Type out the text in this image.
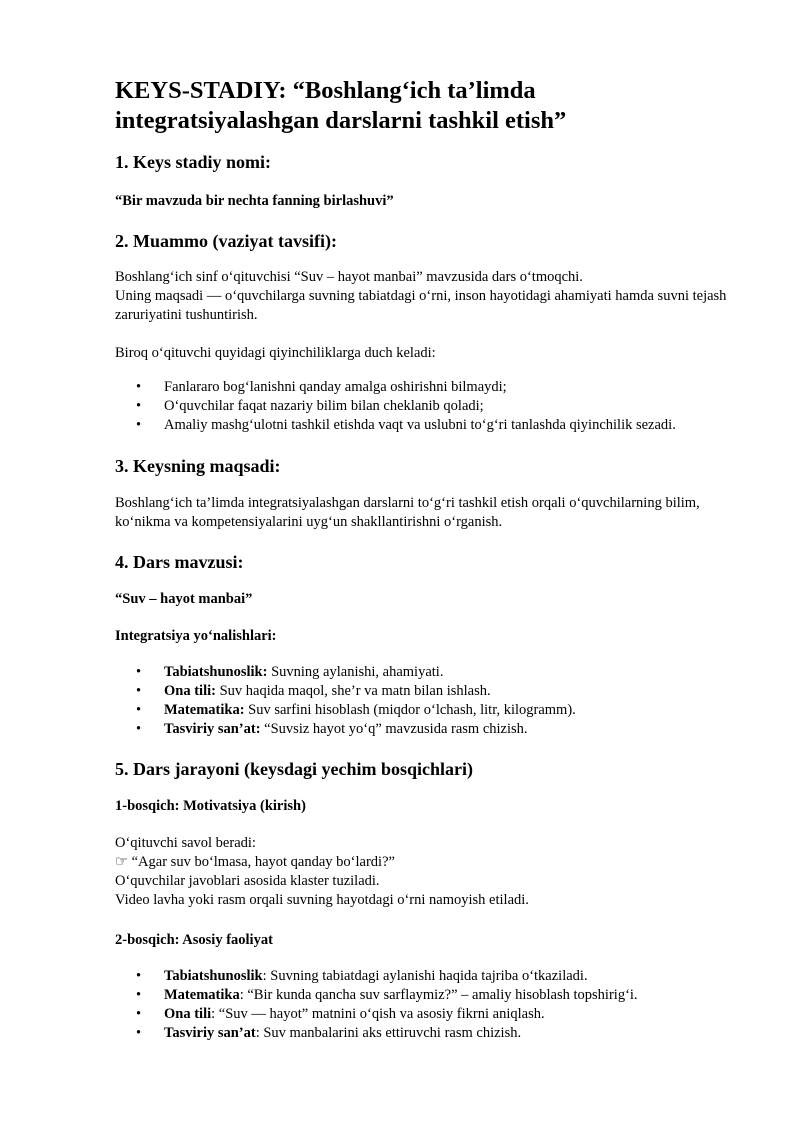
KEYS-STADIY: “Boshlang‘ich ta’limda integratsiyalashgan darslarni tashkil etish”
1. Keys stadiy nomi:
“Bir mavzuda bir nechta fanning birlashuvi”
2. Muammo (vaziyat tavsifi):
Boshlang‘ich sinf o‘qituvchisi “Suv – hayot manbai” mavzusida dars o‘tmoqchi.
Uning maqsadi — o‘quvchilarga suvning tabiatdagi o‘rni, inson hayotidagi ahamiyati hamda suvni tejash zaruriyatini tushuntirish.
Biroq o‘qituvchi quyidagi qiyinchiliklarga duch keladi:
• Fanlararo bog‘lanishni qanday amalga oshirishni bilmaydi;
• O‘quvchilar faqat nazariy bilim bilan cheklanib qoladi;
• Amaliy mashg‘ulotni tashkil etishda vaqt va uslubni to‘g‘ri tanlashda qiyinchilik sezadi.
3. Keysning maqsadi:
Boshlang‘ich ta’limda integratsiyalashgan darslarni to‘g‘ri tashkil etish orqali o‘quvchilarning bilim, ko‘nikma va kompetensiyalarini uyg‘un shakllantirishni o‘rganish.
4. Dars mavzusi:
“Suv – hayot manbai”
Integratsiya yo‘nalishlari:
• Tabiatshunoslik: Suvning aylanishi, ahamiyati.
• Ona tili: Suv haqida maqol, she’r va matn bilan ishlash.
• Matematika: Suv sarfini hisoblash (miqdor o‘lchash, litr, kilogramm).
• Tasviriy san’at: “Suvsiz hayot yo‘q” mavzusida rasm chizish.
5. Dars jarayoni (keysdagi yechim bosqichlari)
1-bosqich: Motivatsiya (kirish)
O‘qituvchi savol beradi:
☞ “Agar suv bo‘lmasa, hayot qanday bo‘lardi?”
O‘quvchilar javoblari asosida klaster tuziladi.
Video lavha yoki rasm orqali suvning hayotdagi o‘rni namoyish etiladi.
2-bosqich: Asosiy faoliyat
• Tabiatshunoslik: Suvning tabiatdagi aylanishi haqida tajriba o‘tkaziladi.
• Matematika: “Bir kunda qancha suv sarflaymiz?” – amaliy hisoblash topshirig‘i.
• Ona tili: “Suv — hayot” matnini o‘qish va asosiy fikrni aniqlash.
• Tasviriy san’at: Suv manbalarini aks ettiruvchi rasm chizish.
